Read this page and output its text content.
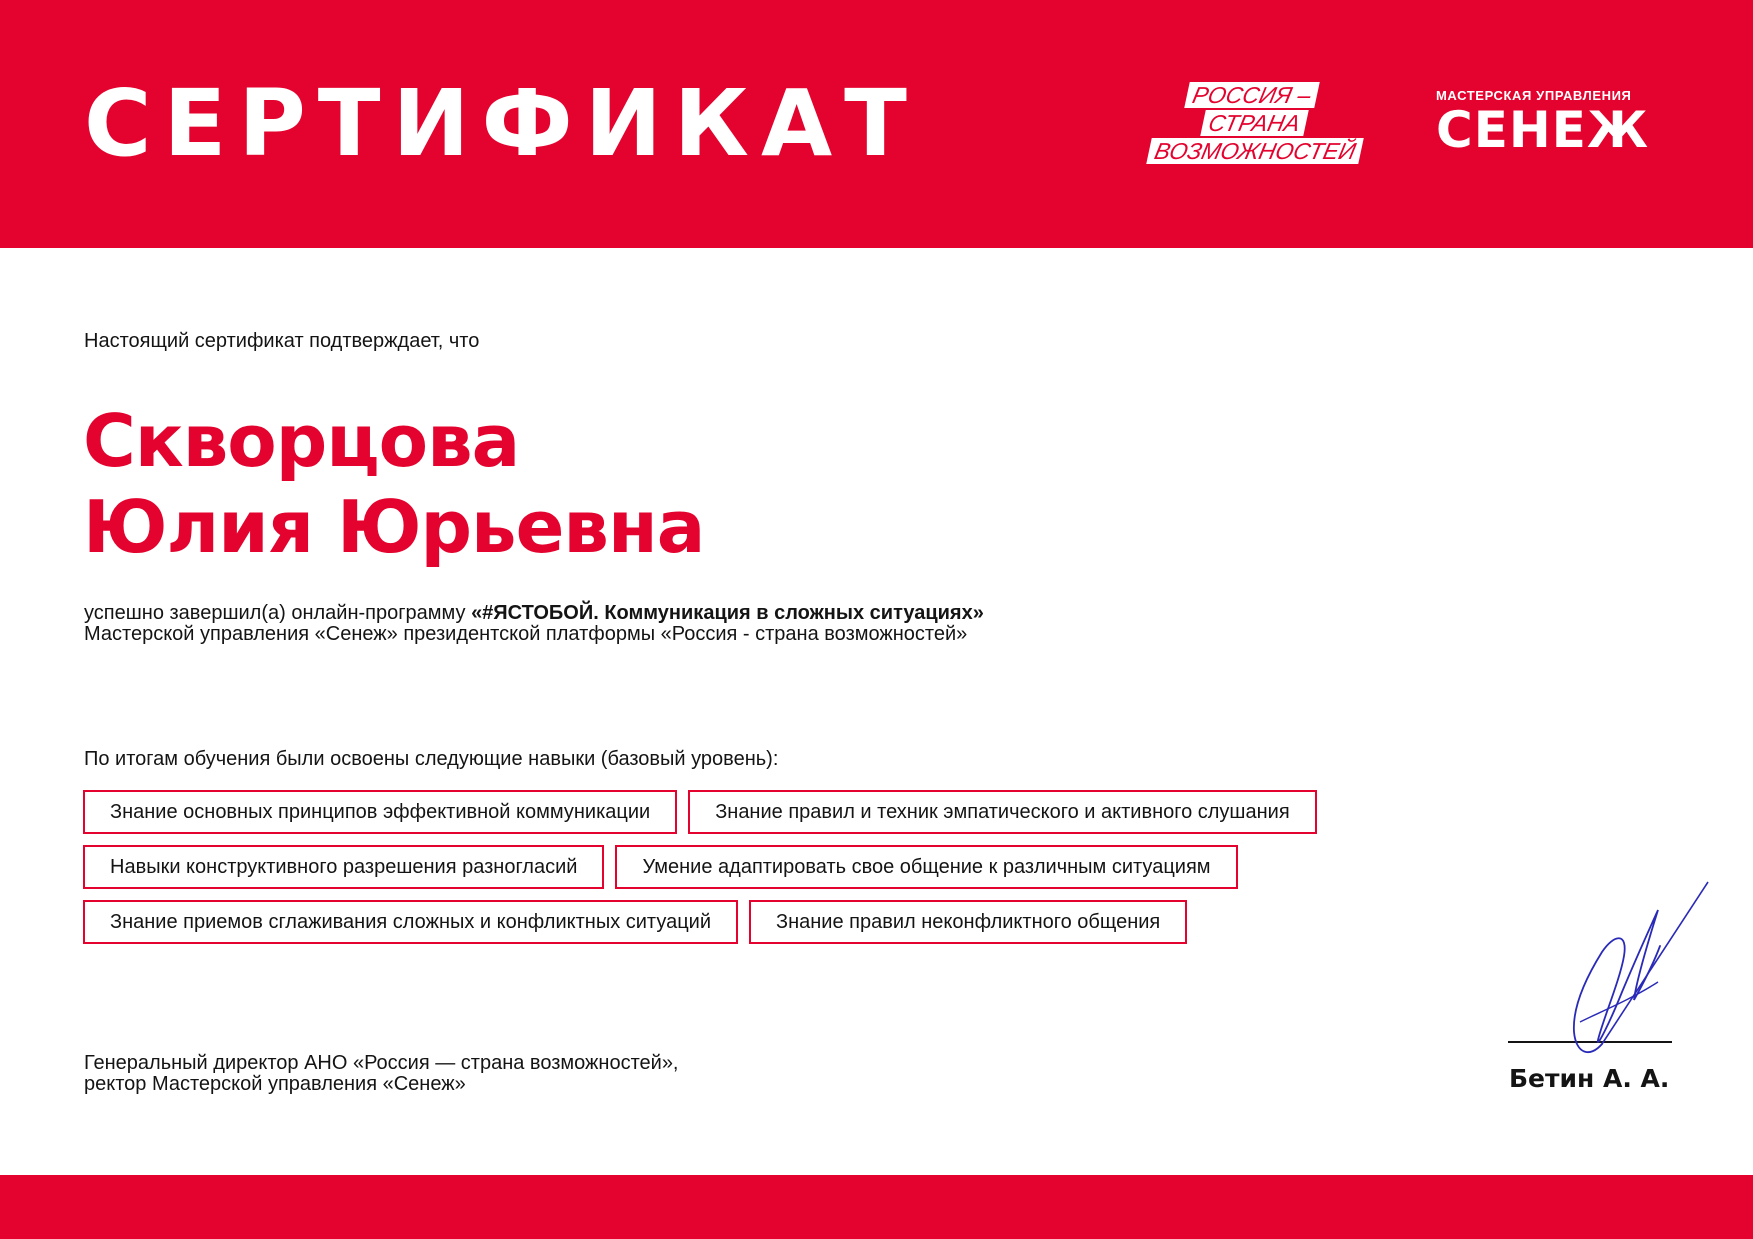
СЕРТИФИКАТ	РОССИЯ –
СТРАНА
ВОЗМОЖНОСТЕЙ
МАСТЕРСКАЯ УПРАВЛЕНИЯ
СЕНЕЖ
Настоящий сертификат подтверждает, что
Скворцова
Юлия Юрьевна
успешно завершил(а) онлайн-программу «#ЯСТОБОЙ. Коммуникация в сложных ситуациях»
Мастерской управления «Сенеж» президентской платформы «Россия - страна возможностей»
По итогам обучения были освоены следующие навыки (базовый уровень):
Знание основных принципов эффективной коммуникации	Знание правил и техник эмпатического и активного слушания
Навыки конструктивного разрешения разногласий	Умение адаптировать свое общение к различным ситуациям
Знание приемов сглаживания сложных и конфликтных ситуаций	Знание правил неконфликтного общения
Генеральный директор АНО «Россия — страна возможностей»,
ректор Мастерской управления «Сенеж»	Бетин А. А.
